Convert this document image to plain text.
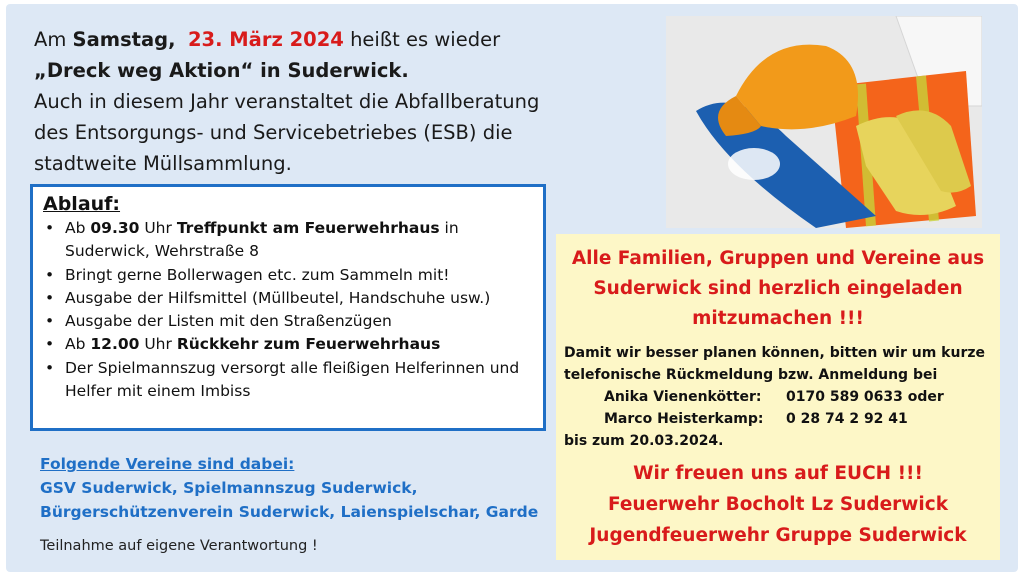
Am Samstag, 23. März 2024 heißt es wieder
„Dreck weg Aktion“ in Suderwick.
Auch in diesem Jahr veranstaltet die Abfallberatung
des Entsorgungs- und Servicebetriebes (ESB) die
stadtweite Müllsammlung.
Ablauf:
• Ab 09.30 Uhr Treffpunkt am Feuerwehrhaus in Suderwick, Wehrstraße 8
• Bringt gerne Bollerwagen etc. zum Sammeln mit!
• Ausgabe der Hilfsmittel (Müllbeutel, Handschuhe usw.)
• Ausgabe der Listen mit den Straßenzügen
• Ab 12.00 Uhr Rückkehr zum Feuerwehrhaus
• Der Spielmannszug versorgt alle fleißigen Helferinnen und Helfer mit einem Imbiss
Folgende Vereine sind dabei:
GSV Suderwick, Spielmannszug Suderwick,
Bürgerschützenverein Suderwick, Laienspielschar, Garde
Teilnahme auf eigene Verantwortung !
Alle Familien, Gruppen und Vereine aus
Suderwick sind herzlich eingeladen
mitzumachen !!!
Damit wir besser planen können, bitten wir um kurze
telefonische Rückmeldung bzw. Anmeldung bei
Anika Vienenkötter:	0170 589 0633 oder
Marco Heisterkamp:	0 28 74 2 92 41
bis zum 20.03.2024.
Wir freuen uns auf EUCH !!!
Feuerwehr Bocholt Lz Suderwick
Jugendfeuerwehr Gruppe Suderwick
